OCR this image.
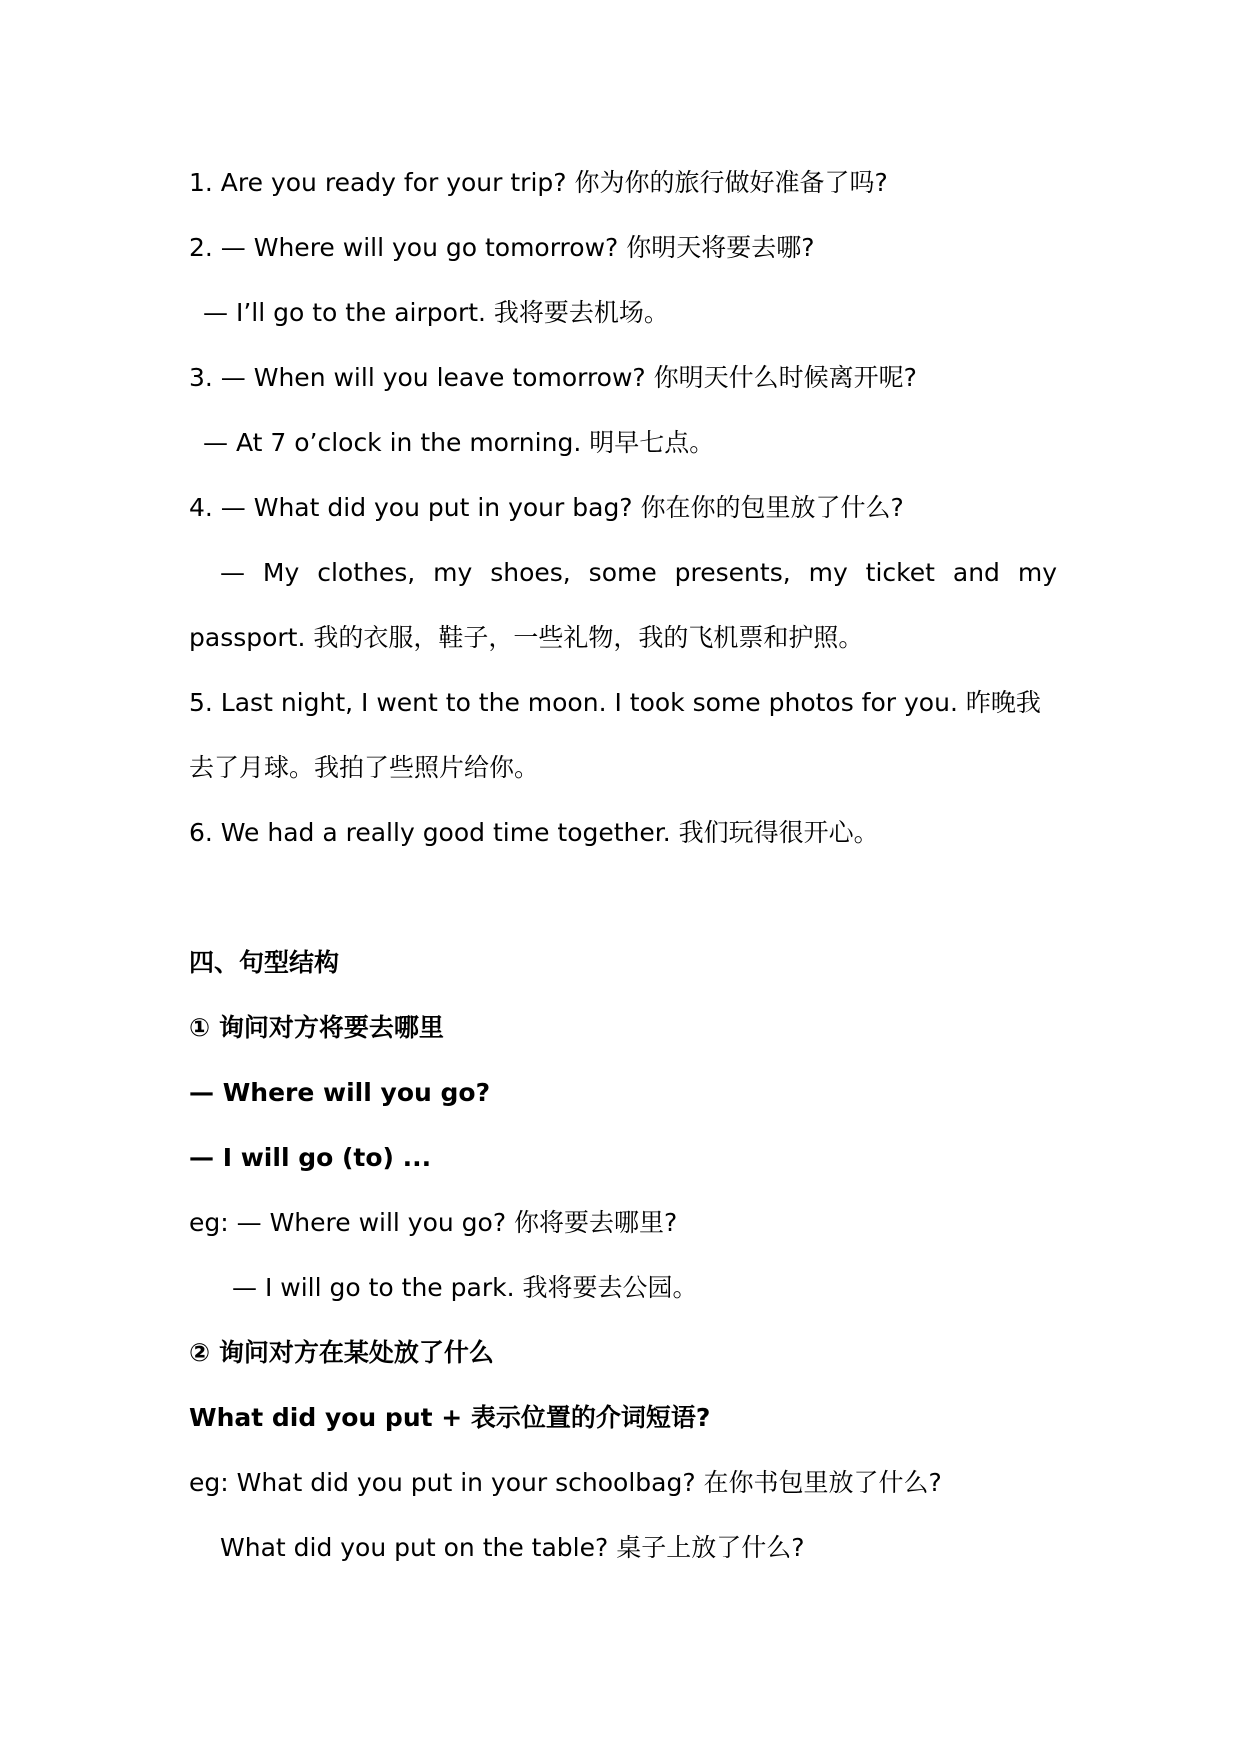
1. Are you ready for your trip? 你为你的旅行做好准备了吗?
2. — Where will you go tomorrow? 你明天将要去哪?
— I’ll go to the airport. 我将要去机场。
3. — When will you leave tomorrow? 你明天什么时候离开呢?
— At 7 o’clock in the morning. 明早七点。
4. — What did you put in your bag? 你在你的包里放了什么?
— My clothes, my shoes, some presents, my ticket and my
passport. 我的衣服，鞋子，一些礼物，我的飞机票和护照。
5. Last night, I went to the moon. I took some photos for you. 昨晚我
去了月球。我拍了些照片给你。
6. We had a really good time together. 我们玩得很开心。
四、句型结构
① 询问对方将要去哪里
— Where will you go?
— I will go (to) ...
eg: — Where will you go? 你将要去哪里?
— I will go to the park. 我将要去公园。
② 询问对方在某处放了什么
What did you put + 表示位置的介词短语?
eg: What did you put in your schoolbag? 在你书包里放了什么?
What did you put on the table? 桌子上放了什么?
